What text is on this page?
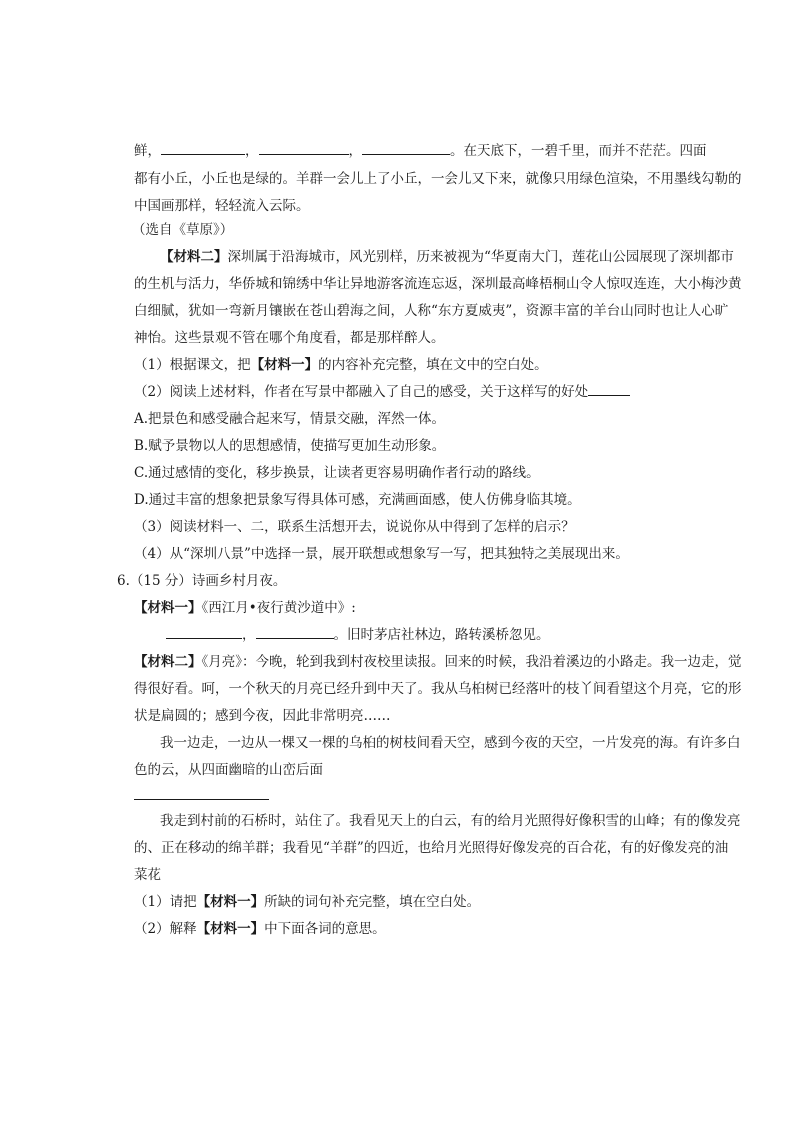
鲜，	，	，	。在天底下，一碧千里，而并不茫茫。四面
都有小丘，小丘也是绿的。羊群一会儿上了小丘，一会儿又下来，就像只用绿色渲染，不用墨线勾勒的
中国画那样，轻轻流入云际。
（选自《草原》）
【材料二】深圳属于沿海城市，风光别样，历来被视为“华夏南大门，莲花山公园展现了深圳都市
的生机与活力，华侨城和锦绣中华让异地游客流连忘返，深圳最高峰梧桐山令人惊叹连连，大小梅沙黄
白细腻，犹如一弯新月镶嵌在苍山碧海之间，人称“东方夏威夷”，资源丰富的羊台山同时也让人心旷
神怡。这些景观不管在哪个角度看，都是那样醉人。
（1）根据课文，把【材料一】的内容补充完整，填在文中的空白处。
（2）阅读上述材料，作者在写景中都融入了自己的感受，关于这样写的好处
A.把景色和感受融合起来写，情景交融，浑然一体。
B.赋予景物以人的思想感情，使描写更加生动形象。
C.通过感情的变化，移步换景，让读者更容易明确作者行动的路线。
D.通过丰富的想象把景象写得具体可感，充满画面感，使人仿佛身临其境。
（3）阅读材料一、二，联系生活想开去，说说你从中得到了怎样的启示？
（4）从“深圳八景”中选择一景，展开联想或想象写一写，把其独特之美展现出来。
6.（15 分）诗画乡村月夜。
【材料一】《西江月•夜行黄沙道中》:
，	。旧时茅店社林边，路转溪桥忽见。
【材料二】《月亮》：今晚，轮到我到村夜校里读报。回来的时候，我沿着溪边的小路走。我一边走，觉
得很好看。呵，一个秋天的月亮已经升到中天了。我从乌桕树已经落叶的枝丫间看望这个月亮，它的形
状是扁圆的；感到今夜，因此非常明亮……
我一边走，一边从一棵又一棵的乌桕的树枝间看天空，感到今夜的天空，一片发亮的海。有许多白
色的云，从四面幽暗的山峦后面
我走到村前的石桥时，站住了。我看见天上的白云，有的给月光照得好像积雪的山峰；有的像发亮
的、正在移动的绵羊群；我看见“羊群”的四近，也给月光照得好像发亮的百合花，有的好像发亮的油
菜花
（1）请把【材料一】所缺的词句补充完整，填在空白处。
（2）解释【材料一】中下面各词的意思。
